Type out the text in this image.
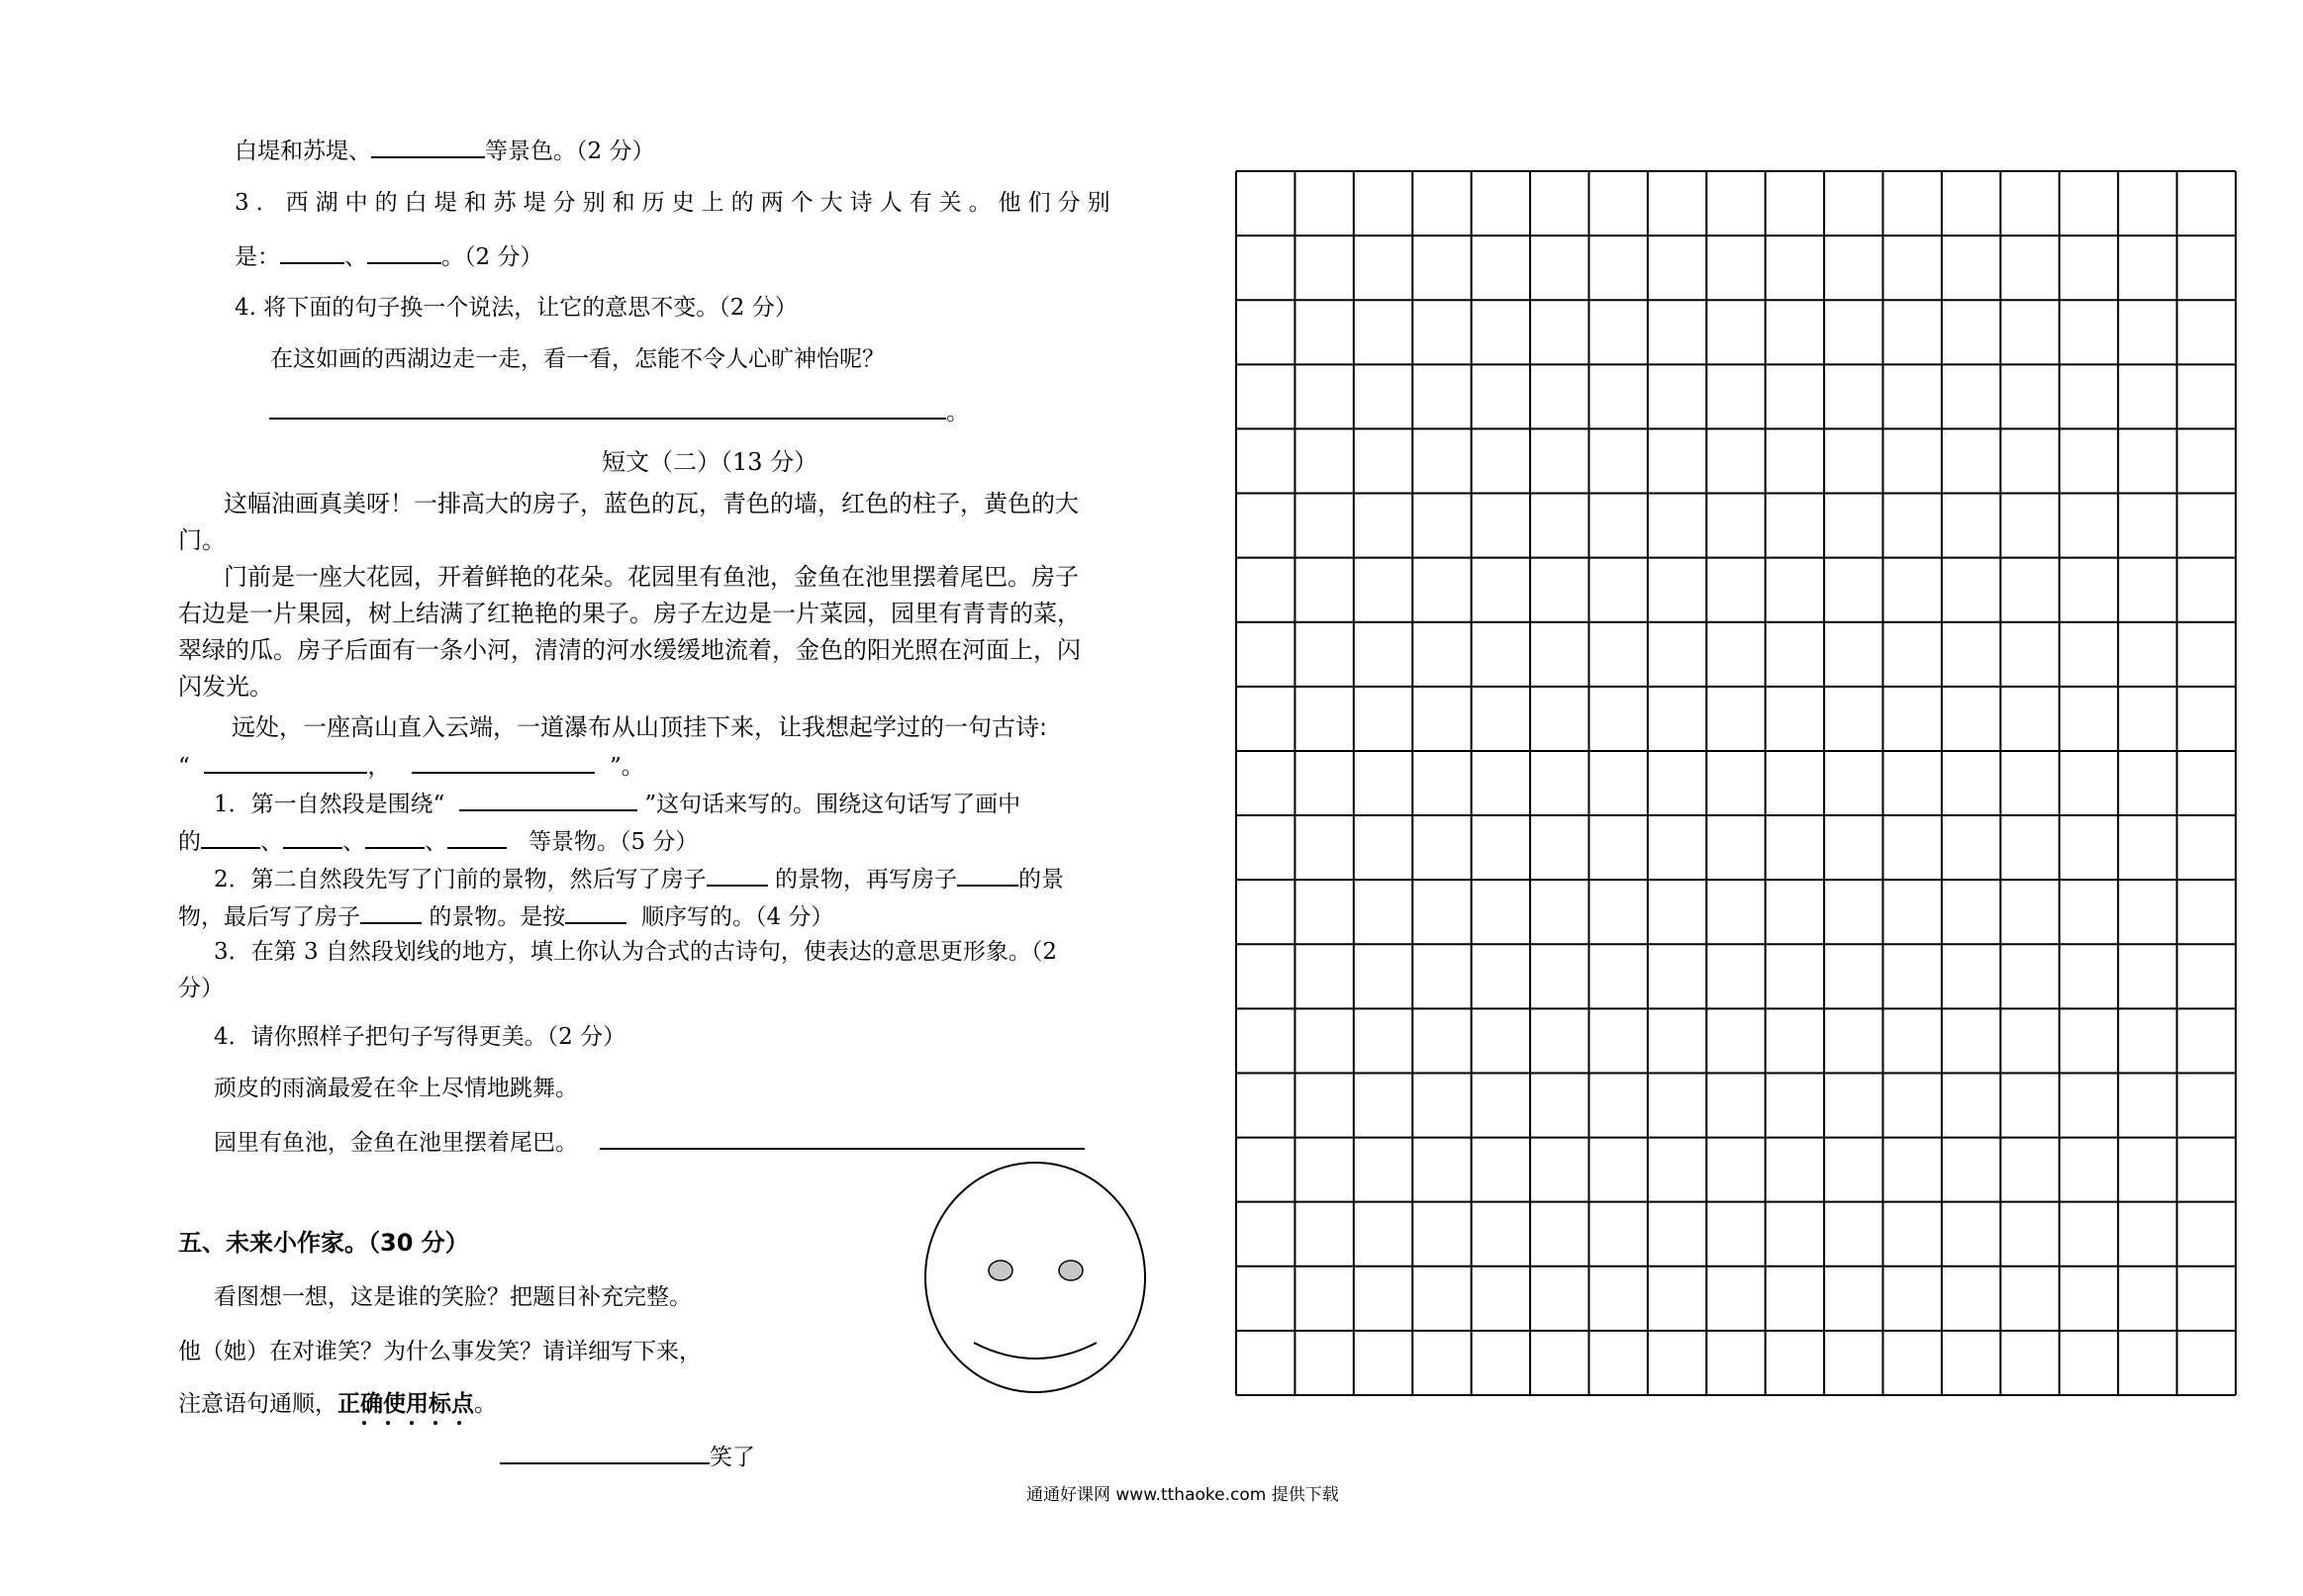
白堤和苏堤、	等景色。（2 分）
3．西湖中的白堤和苏堤分别和历史上的两个大诗人有关。他们分别
是：	、	。（2 分）
4. 将下面的句子换一个说法，让它的意思不变。（2 分）
在这如画的西湖边走一走，看一看，怎能不令人心旷神怡呢？
。
短文（二）（13 分）
这幅油画真美呀！一排高大的房子，蓝色的瓦，青色的墙，红色的柱子，黄色的大
门。
门前是一座大花园，开着鲜艳的花朵。花园里有鱼池，金鱼在池里摆着尾巴。房子
右边是一片果园，树上结满了红艳艳的果子。房子左边是一片菜园，园里有青青的菜，
翠绿的瓜。房子后面有一条小河，清清的河水缓缓地流着，金色的阳光照在河面上，闪
闪发光。
远处，一座高山直入云端，一道瀑布从山顶挂下来，让我想起学过的一句古诗:
“	，	”。
1．第一自然段是围绕“	”这句话来写的。围绕这句话写了画中
的	、	、	、	等景物。（5 分）
2．第二自然段先写了门前的景物，然后写了房子	的景物，再写房子	的景
物，最后写了房子	的景物。是按	顺序写的。（4 分）
3．在第 3 自然段划线的地方，填上你认为合式的古诗句，使表达的意思更形象。（2
分）
4．请你照样子把句子写得更美。（2 分）
顽皮的雨滴最爱在伞上尽情地跳舞。
园里有鱼池，金鱼在池里摆着尾巴。
五、未来小作家。（30 分）
看图想一想，这是谁的笑脸？把题目补充完整。
他（她）在对谁笑？为什么事发笑？请详细写下来，
注意语句通顺，正确使用标点。
笑了
通通好课网 www.tthaoke.com 提供下载
